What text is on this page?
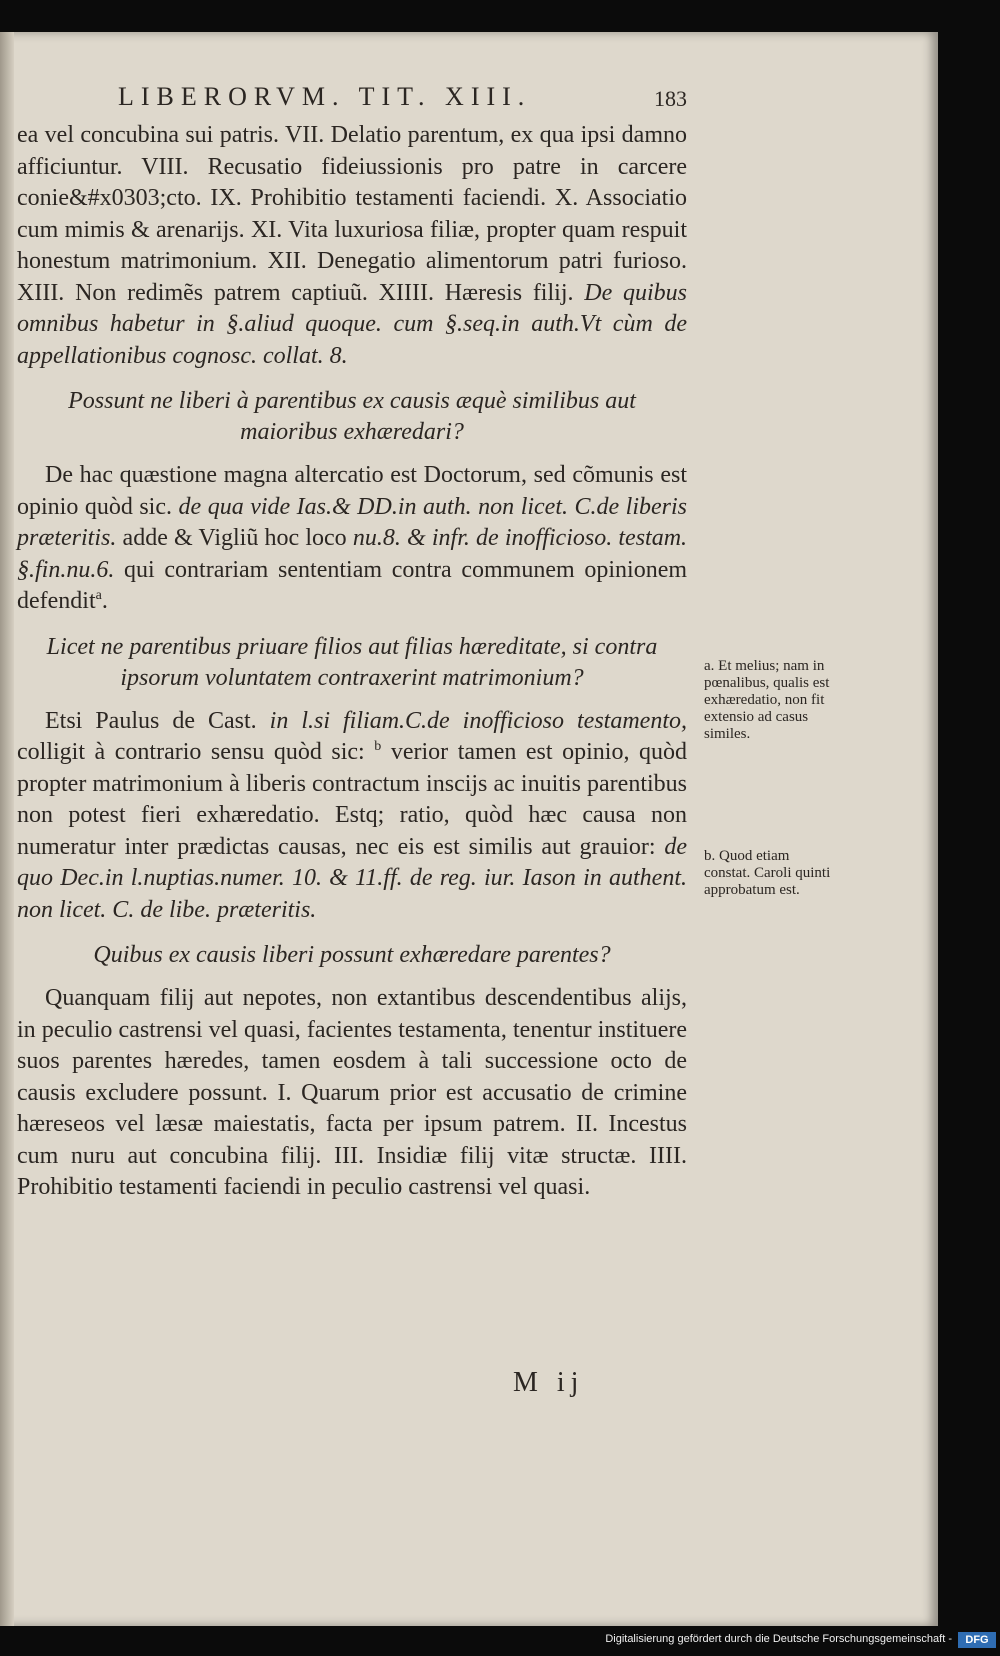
LIBERORVM. TIT. XIII.	183

ea vel concubina sui patris. VII. Delatio parentum, ex qua ipsi damno afficiuntur. VIII. Recusatio fideiussionis pro patre in carcere conie&#x0303;cto. IX. Prohibitio testamenti faciendi. X. Associatio cum mimis & arenarijs. XI. Vita luxuriosa filiæ, propter quam respuit honestum matrimonium. XII. Denegatio alimentorum patri furioso. XIII. Non redimẽs patrem captiuũ. XIIII. Hæresis filij. De quibus omnibus habetur in §.aliud quoque. cum §.seq.in auth.Vt cùm de appellationibus cognosc. collat. 8.

Possunt ne liberi à parentibus ex causis æquè similibus aut maioribus exhæredari?

De hac quæstione magna altercatio est Doctorum, sed cõmunis est opinio quòd sic. de qua vide Ias.& DD.in auth. non licet. C.de liberis præteritis. adde & Vigliũ hoc loco nu.8. & infr. de inofficioso. testam. §.fin.nu.6. qui contrariam sententiam contra communem opinionem defendit$^a$.

Licet ne parentibus priuare filios aut filias hæreditate, si contra ipsorum voluntatem contraxerint matrimonium?

Etsi Paulus de Cast. in l.si filiam.C.de inofficioso testamento, colligit à contrario sensu quòd sic: $^b$ verior tamen est opinio, quòd propter matrimonium à liberis contractum inscijs ac inuitis parentibus non potest fieri exhæredatio. Estq; ratio, quòd hæc causa non numeratur inter prædictas causas, nec eis est similis aut grauior: de quo Dec.in l.nuptias.numer. 10. & 11.ff. de reg. iur. Iason in authent. non licet. C. de libe. præteritis.

Quibus ex causis liberi possunt exhæredare parentes?

Quanquam filij aut nepotes, non extantibus descendentibus alijs, in peculio castrensi vel quasi, facientes testamenta, tenentur instituere suos parentes hæredes, tamen eosdem à tali successione octo de causis excludere possunt. I. Quarum prior est accusatio de crimine hæreseos vel læsæ maiestatis, facta per ipsum patrem. II. Incestus cum nuru aut concubina filij. III. Insidiæ filij vitæ structæ. IIII. Prohibitio testamenti faciendi in peculio castrensi vel quasi.

a. Et melius; nam in pœnalibus, qualis est exhæredatio, non fit extensio ad casus similes.
b. Quod etiam constat. Caroli quinti approbatum est.
M ij
Digitalisierung gefördert durch die Deutsche Forschungsgemeinschaft -	DFG
